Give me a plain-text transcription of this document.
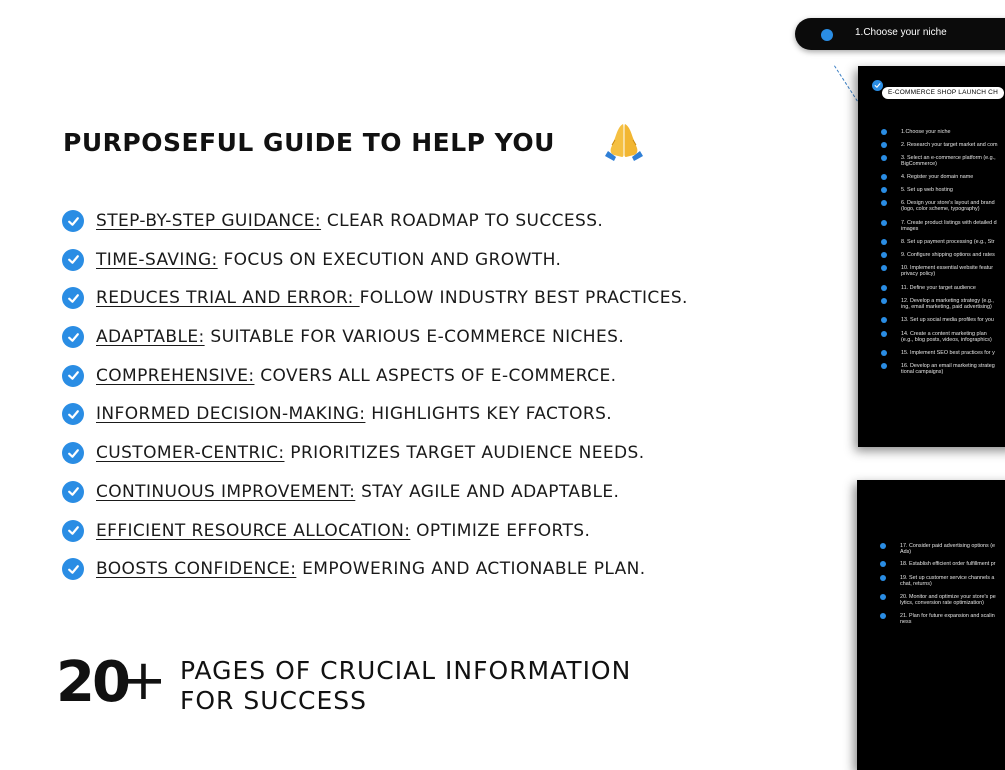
PURPOSEFUL GUIDE TO HELP YOU
STEP-BY-STEP GUIDANCE: CLEAR ROADMAP TO SUCCESS.
TIME-SAVING: FOCUS ON EXECUTION AND GROWTH.
REDUCES TRIAL AND ERROR: FOLLOW INDUSTRY BEST PRACTICES.
ADAPTABLE: SUITABLE FOR VARIOUS E-COMMERCE NICHES.
COMPREHENSIVE: COVERS ALL ASPECTS OF E-COMMERCE.
INFORMED DECISION-MAKING: HIGHLIGHTS KEY FACTORS.
CUSTOMER-CENTRIC: PRIORITIZES TARGET AUDIENCE NEEDS.
CONTINUOUS IMPROVEMENT: STAY AGILE AND ADAPTABLE.
EFFICIENT RESOURCE ALLOCATION: OPTIMIZE EFFORTS.
BOOSTS CONFIDENCE: EMPOWERING AND ACTIONABLE PLAN.
20
+ PAGES OF CRUCIAL INFORMATION
FOR SUCCESS
1.Choose your niche
E-COMMERCE SHOP LAUNCH CH
1.Choose your niche
2. Research your target market and com
3. Select an e-commerce platform (e.g.,
BigCommerce)
4. Register your domain name
5. Set up web hosting
6. Design your store's layout and brand
(logo, color scheme, typography)
7. Create product listings with detailed d
images
8. Set up payment processing (e.g., Str
9. Configure shipping options and rates
10. Implement essential website featur
privacy policy)
11. Define your target audience
12. Develop a marketing strategy (e.g.,
ing, email marketing, paid advertising)
13. Set up social media profiles for you
14. Create a content marketing plan
(e.g., blog posts, videos, infographics)
15. Implement SEO best practices for y
16. Develop an email marketing strateg
tional campaigns)
17. Consider paid advertising options (e
Ads)
18. Establish efficient order fulfillment pr
19. Set up customer service channels a
chat, returns)
20. Monitor and optimize your store's pe
lytics, conversion rate optimization)
21. Plan for future expansion and scalin
ness
